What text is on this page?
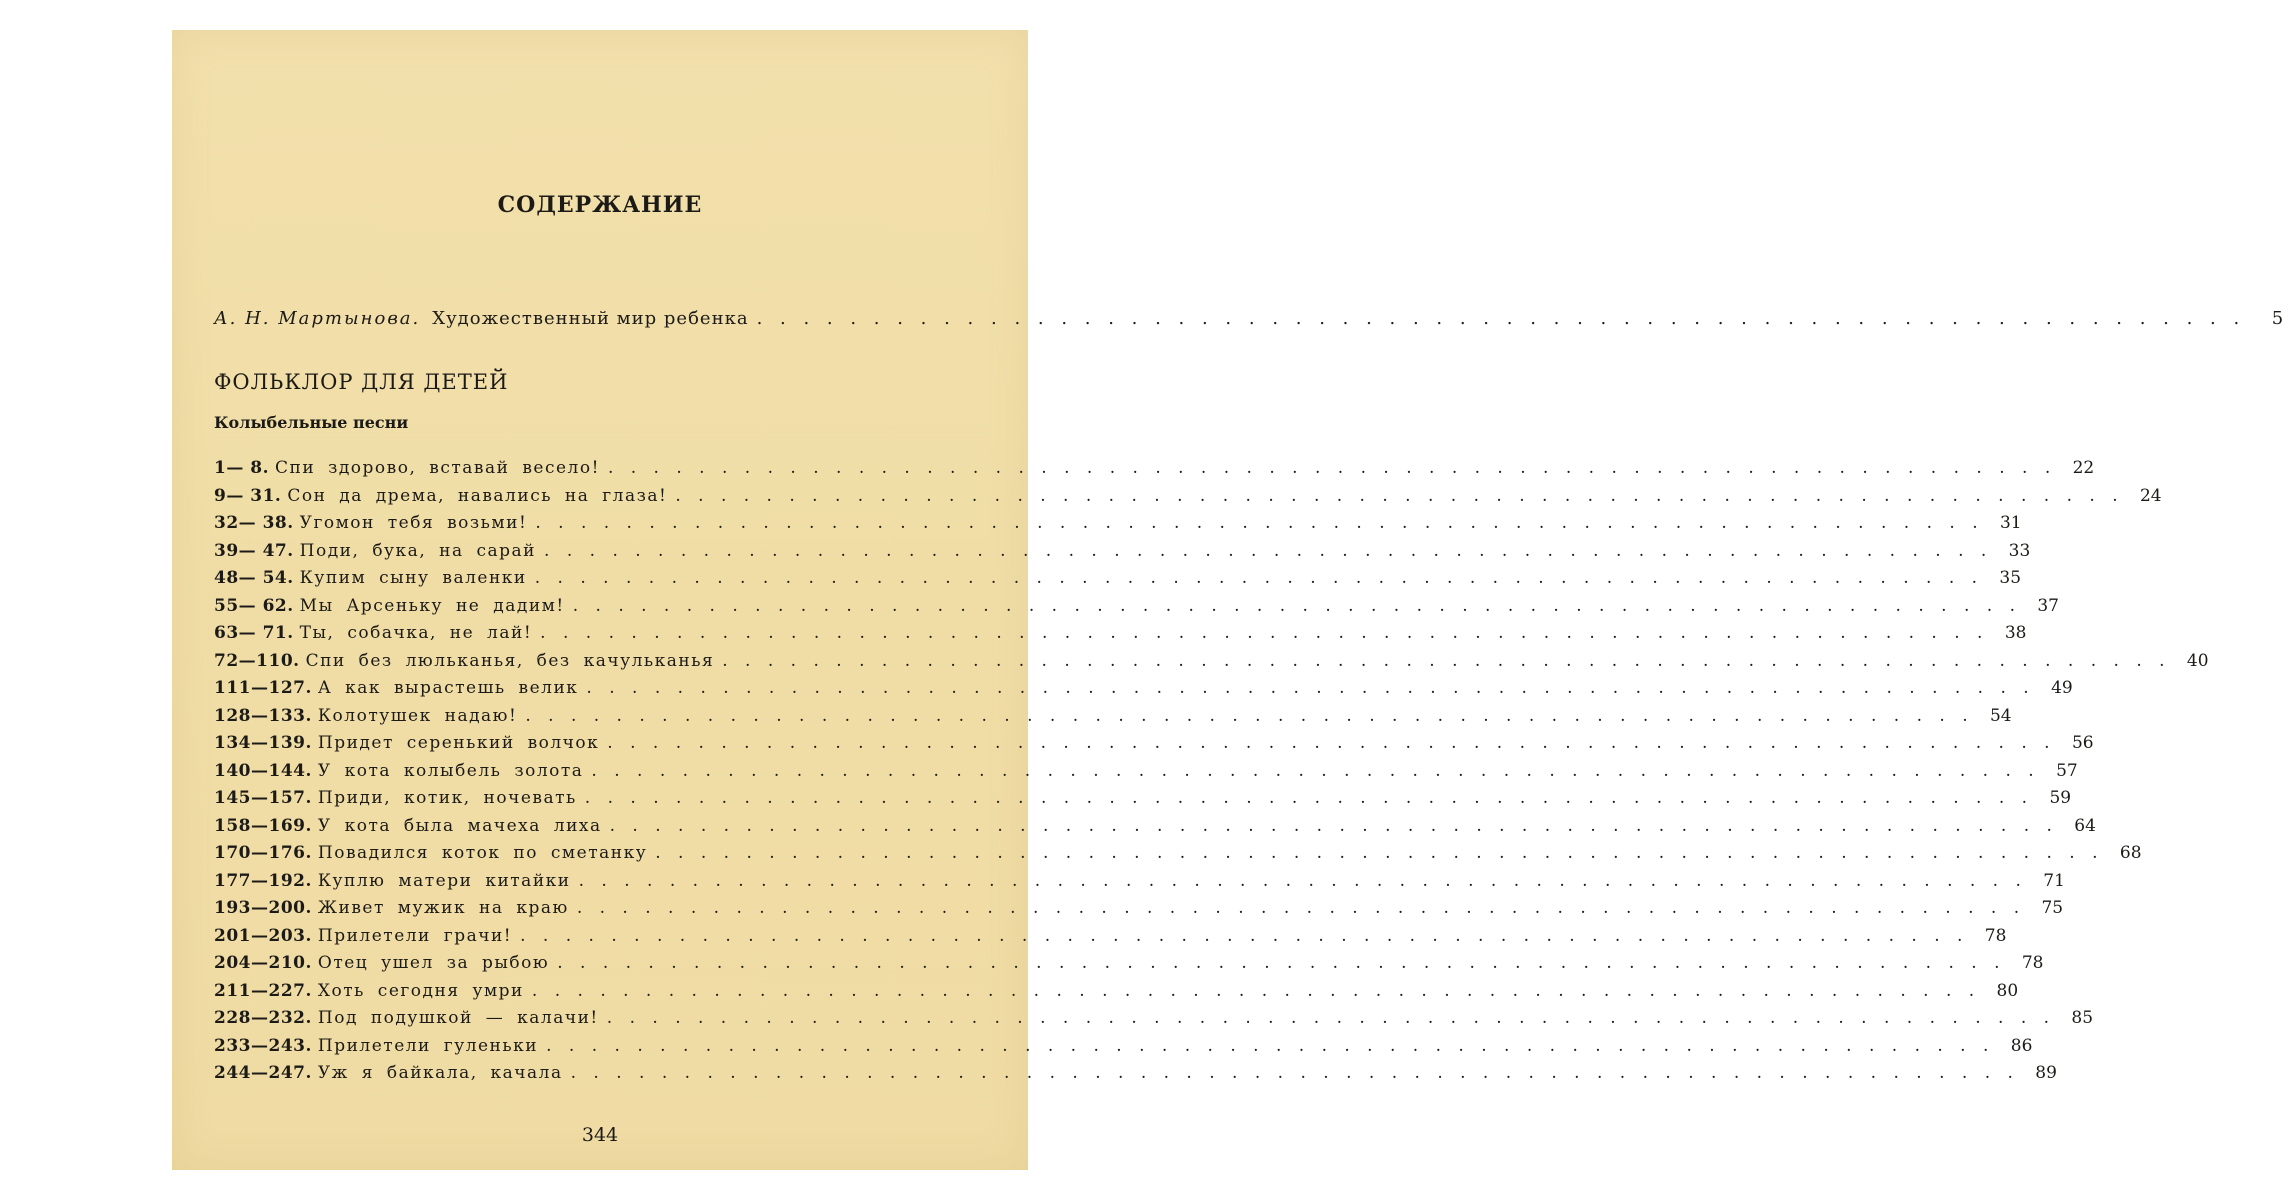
СОДЕРЖАНИЕ
А. Н. Мартынова. Художественный мир ребенка . . . . . . . . . . . . . . . . . . . . . . . . . . . . . . . . . . . . . . . . . . . . . . . . . . . . . . . . . . . . . . . .	5
ФОЛЬКЛОР ДЛЯ ДЕТЕЙ
Колыбельные песни
1— 8. Спи здорово, вставай весело! . . . . . . . . . . . . . . . . . . . . . . . . . . . . . . . . . . . . . . . . . . . . . . . . . . . . . . . . . . . . . . . . 22
9— 31. Сон да дрема, навались на глаза! . . . . . . . . . . . . . . . . . . . . . . . . . . . . . . . . . . . . . . . . . . . . . . . . . . . . . . . . . . . . . . . . 24
32— 38. Угомон тебя возьми! . . . . . . . . . . . . . . . . . . . . . . . . . . . . . . . . . . . . . . . . . . . . . . . . . . . . . . . . . . . . . . . . 31
39— 47. Поди, бука, на сарай . . . . . . . . . . . . . . . . . . . . . . . . . . . . . . . . . . . . . . . . . . . . . . . . . . . . . . . . . . . . . . . . 33
48— 54. Купим сыну валенки . . . . . . . . . . . . . . . . . . . . . . . . . . . . . . . . . . . . . . . . . . . . . . . . . . . . . . . . . . . . . . . . 35
55— 62. Мы Арсеньку не дадим! . . . . . . . . . . . . . . . . . . . . . . . . . . . . . . . . . . . . . . . . . . . . . . . . . . . . . . . . . . . . . . . . 37
63— 71. Ты, собачка, не лай! . . . . . . . . . . . . . . . . . . . . . . . . . . . . . . . . . . . . . . . . . . . . . . . . . . . . . . . . . . . . . . . . 38
72—110. Спи без люльканья, без качульканья . . . . . . . . . . . . . . . . . . . . . . . . . . . . . . . . . . . . . . . . . . . . . . . . . . . . . . . . . . . . . . . . 40
111—127. А как вырастешь велик . . . . . . . . . . . . . . . . . . . . . . . . . . . . . . . . . . . . . . . . . . . . . . . . . . . . . . . . . . . . . . . . 49
128—133. Колотушек надаю! . . . . . . . . . . . . . . . . . . . . . . . . . . . . . . . . . . . . . . . . . . . . . . . . . . . . . . . . . . . . . . . . 54
134—139. Придет серенький волчок . . . . . . . . . . . . . . . . . . . . . . . . . . . . . . . . . . . . . . . . . . . . . . . . . . . . . . . . . . . . . . . . 56
140—144. У кота колыбель золота . . . . . . . . . . . . . . . . . . . . . . . . . . . . . . . . . . . . . . . . . . . . . . . . . . . . . . . . . . . . . . . . 57
145—157. Приди, котик, ночевать . . . . . . . . . . . . . . . . . . . . . . . . . . . . . . . . . . . . . . . . . . . . . . . . . . . . . . . . . . . . . . . . 59
158—169. У кота была мачеха лиха . . . . . . . . . . . . . . . . . . . . . . . . . . . . . . . . . . . . . . . . . . . . . . . . . . . . . . . . . . . . . . . . 64
170—176. Повадился коток по сметанку . . . . . . . . . . . . . . . . . . . . . . . . . . . . . . . . . . . . . . . . . . . . . . . . . . . . . . . . . . . . . . . . 68
177—192. Куплю матери китайки . . . . . . . . . . . . . . . . . . . . . . . . . . . . . . . . . . . . . . . . . . . . . . . . . . . . . . . . . . . . . . . . 71
193—200. Живет мужик на краю . . . . . . . . . . . . . . . . . . . . . . . . . . . . . . . . . . . . . . . . . . . . . . . . . . . . . . . . . . . . . . . . 75
201—203. Прилетели грачи! . . . . . . . . . . . . . . . . . . . . . . . . . . . . . . . . . . . . . . . . . . . . . . . . . . . . . . . . . . . . . . . . 78
204—210. Отец ушел за рыбою . . . . . . . . . . . . . . . . . . . . . . . . . . . . . . . . . . . . . . . . . . . . . . . . . . . . . . . . . . . . . . . . 78
211—227. Хоть сегодня умри . . . . . . . . . . . . . . . . . . . . . . . . . . . . . . . . . . . . . . . . . . . . . . . . . . . . . . . . . . . . . . . . 80
228—232. Под подушкой — калачи! . . . . . . . . . . . . . . . . . . . . . . . . . . . . . . . . . . . . . . . . . . . . . . . . . . . . . . . . . . . . . . . . 85
233—243. Прилетели гуленьки . . . . . . . . . . . . . . . . . . . . . . . . . . . . . . . . . . . . . . . . . . . . . . . . . . . . . . . . . . . . . . . . 86
244—247. Уж я байкала, качала . . . . . . . . . . . . . . . . . . . . . . . . . . . . . . . . . . . . . . . . . . . . . . . . . . . . . . . . . . . . . . . . 89
344
